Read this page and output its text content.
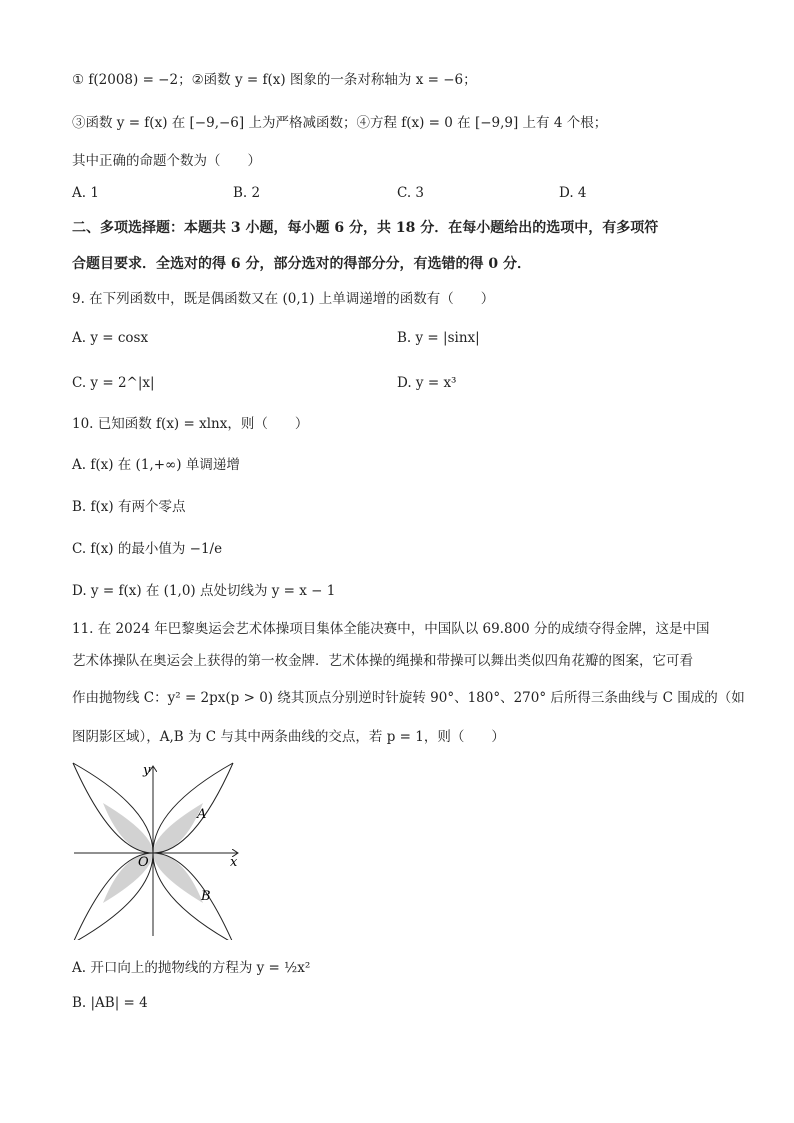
① f(2008) = −2；②函数 y = f(x) 图象的一条对称轴为 x = −6；
③函数 y = f(x) 在 [−9,−6] 上为严格减函数；④方程 f(x) = 0 在 [−9,9] 上有 4 个根；
其中正确的命题个数为（　　）
A. 1	B. 2	C. 3	D. 4
二、多项选择题：本题共 3 小题，每小题 6 分，共 18 分．在每小题给出的选项中，有多项符
合题目要求．全选对的得 6 分，部分选对的得部分分，有选错的得 0 分．
9. 在下列函数中，既是偶函数又在 (0,1) 上单调递增的函数有（　　）
A. y = cosx	B. y = |sinx|
C. y = 2^|x|	D. y = x³
10. 已知函数 f(x) = xlnx，则（　　）
A. f(x) 在 (1,+∞) 单调递增
B. f(x) 有两个零点
C. f(x) 的最小值为 −1/e
D. y = f(x) 在 (1,0) 点处切线为 y = x − 1
11. 在 2024 年巴黎奥运会艺术体操项目集体全能决赛中，中国队以 69.800 分的成绩夺得金牌，这是中国
艺术体操队在奥运会上获得的第一枚金牌．艺术体操的绳操和带操可以舞出类似四角花瓣的图案，它可看
作由抛物线 C：y² = 2px(p > 0) 绕其顶点分别逆时针旋转 90°、180°、270° 后所得三条曲线与 C 围成的（如
图阴影区域），A,B 为 C 与其中两条曲线的交点，若 p = 1，则（　　）
y
x
O
A
B
A. 开口向上的抛物线的方程为 y = ½x²
B. |AB| = 4
